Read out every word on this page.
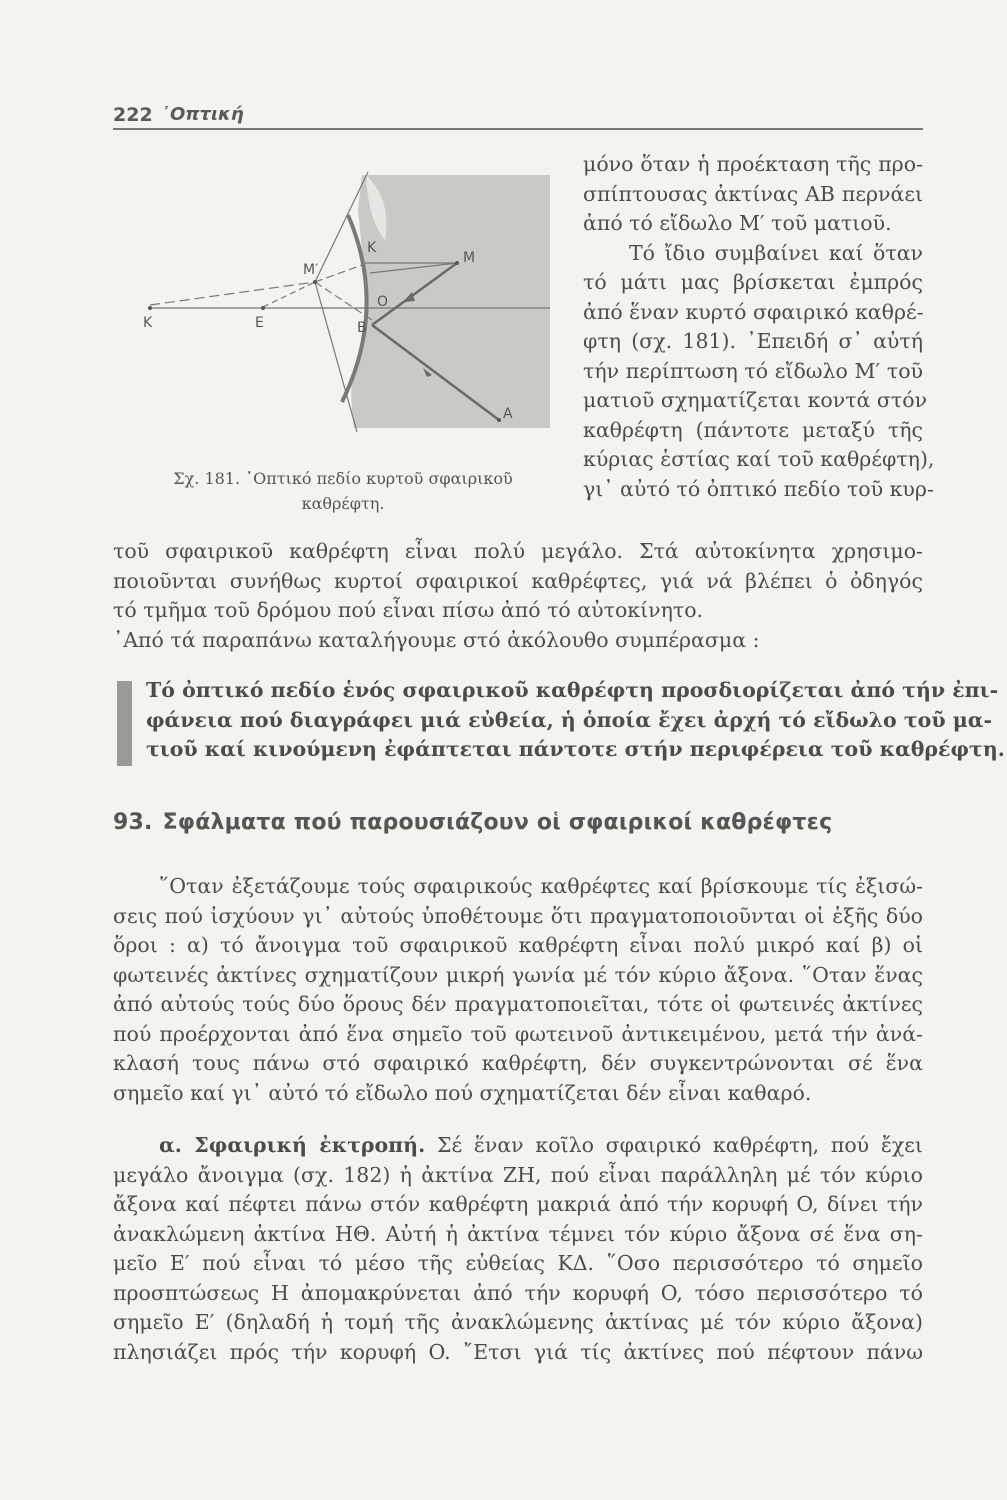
222 ᾿Οπτική
K	E
M′
K
M
O
B
A
Σχ. 181. ᾿Οπτικό πεδίο κυρτοῦ σφαιρικοῦ
καθρέφτη.
μόνο ὅταν ἡ προέκταση τῆς προ-
σπίπτουσας ἀκτίνας AB περνάει
ἀπό τό εἴδωλο M′ τοῦ ματιοῦ.
Τό ἴδιο συμβαίνει καί ὅταν
τό μάτι μας βρίσκεται ἐμπρός
ἀπό ἕναν κυρτό σφαιρικό καθρέ-
φτη (σχ. 181). ᾿Επειδή σ᾿ αὐτή
τήν περίπτωση τό εἴδωλο M′ τοῦ
ματιοῦ σχηματίζεται κοντά στόν
καθρέφτη (πάντοτε μεταξύ τῆς
κύριας ἑστίας καί τοῦ καθρέφτη),
γι᾿ αὐτό τό ὀπτικό πεδίο τοῦ κυρ-
τοῦ σφαιρικοῦ καθρέφτη εἶναι πολύ μεγάλο. Στά αὐτοκίνητα χρησιμο-
ποιοῦνται συνήθως κυρτοί σφαιρικοί καθρέφτες, γιά νά βλέπει ὁ ὀδηγός
τό τμῆμα τοῦ δρόμου πού εἶναι πίσω ἀπό τό αὐτοκίνητο.
᾿Από τά παραπάνω καταλήγουμε στό ἀκόλουθο συμπέρασμα :
Τό ὀπτικό πεδίο ἑνός σφαιρικοῦ καθρέφτη προσδιορίζεται ἀπό τήν ἐπι-
φάνεια πού διαγράφει μιά εὐθεία, ἡ ὁποία ἔχει ἀρχή τό εἴδωλο τοῦ μα-
τιοῦ καί κινούμενη ἐφάπτεται πάντοτε στήν περιφέρεια τοῦ καθρέφτη.
93. Σφάλματα πού παρουσιάζουν οἱ σφαιρικοί καθρέφτες
῞Οταν ἐξετάζουμε τούς σφαιρικούς καθρέφτες καί βρίσκουμε τίς ἐξισώ-
σεις πού ἰσχύουν γι᾿ αὐτούς ὑποθέτουμε ὅτι πραγματοποιοῦνται οἱ ἑξῆς δύο
ὅροι : α) τό ἄνοιγμα τοῦ σφαιρικοῦ καθρέφτη εἶναι πολύ μικρό καί β) οἱ
φωτεινές ἀκτίνες σχηματίζουν μικρή γωνία μέ τόν κύριο ἄξονα. ῞Οταν ἕνας
ἀπό αὐτούς τούς δύο ὅρους δέν πραγματοποιεῖται, τότε οἱ φωτεινές ἀκτίνες
πού προέρχονται ἀπό ἕνα σημεῖο τοῦ φωτεινοῦ ἀντικειμένου, μετά τήν ἀνά-
κλασή τους πάνω στό σφαιρικό καθρέφτη, δέν συγκεντρώνονται σέ ἕνα
σημεῖο καί γι᾿ αὐτό τό εἴδωλο πού σχηματίζεται δέν εἶναι καθαρό.
α. Σφαιρική ἐκτροπή. Σέ ἕναν κοῖλο σφαιρικό καθρέφτη, πού ἔχει
μεγάλο ἄνοιγμα (σχ. 182) ἡ ἀκτίνα ZH, πού εἶναι παράλληλη μέ τόν κύριο
ἄξονα καί πέφτει πάνω στόν καθρέφτη μακριά ἀπό τήν κορυφή O, δίνει τήν
ἀνακλώμενη ἀκτίνα HΘ. Αὐτή ἡ ἀκτίνα τέμνει τόν κύριο ἄξονα σέ ἕνα ση-
μεῖο E′ πού εἶναι τό μέσο τῆς εὐθείας KΔ. ῞Οσο περισσότερο τό σημεῖο
προσπτώσεως H ἀπομακρύνεται ἀπό τήν κορυφή O, τόσο περισσότερο τό
σημεῖο E′ (δηλαδή ἡ τομή τῆς ἀνακλώμενης ἀκτίνας μέ τόν κύριο ἄξονα)
πλησιάζει πρός τήν κορυφή O. ῎Ετσι γιά τίς ἀκτίνες πού πέφτουν πάνω
